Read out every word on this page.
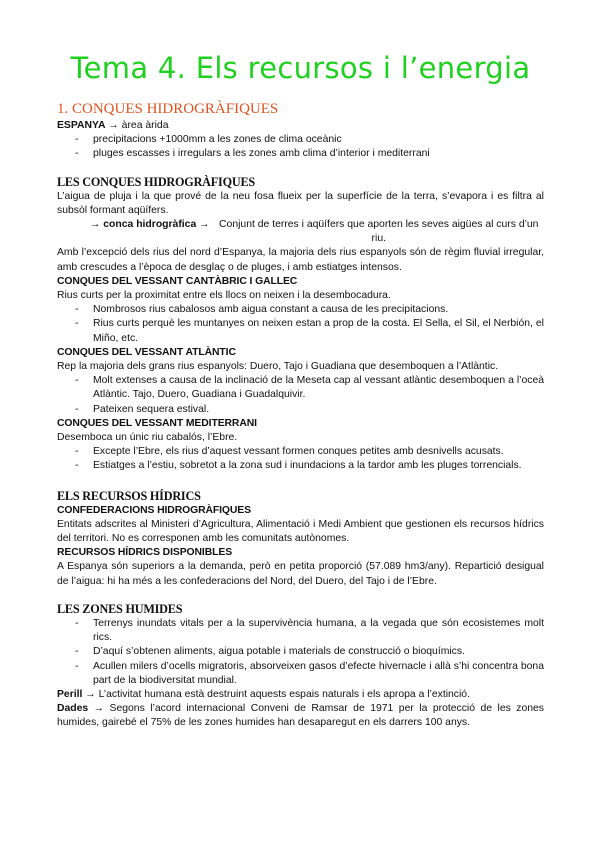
Tema 4. Els recursos i l’energia
1. CONQUES HIDROGRÀFIQUES

ESPANYA → àrea àrida

- precipitacions +1000mm a les zones de clima oceànic
- pluges escasses i irregulars a les zones amb clima d’interior i mediterrani
LES CONQUES HIDROGRÀFIQUES

L’aigua de pluja i la que prové de la neu fosa flueix per la superfície de la terra, s’evapora i es filtra al subsòl formant aqüífers.

→ conca hidrogràfica → Conjunt de terres i aqüífers que aporten les seves aigües al curs d’un riu.

Amb l’excepció dels rius del nord d’Espanya, la majoria dels rius espanyols són de règim fluvial irregular, amb crescudes a l’època de desglaç o de pluges, i amb estiatges intensos.

CONQUES DEL VESSANT CANTÀBRIC I GALLEC

Rius curts per la proximitat entre els llocs on neixen i la desembocadura.

- Nombrosos rius cabalosos amb aigua constant a causa de les precipitacions.
- Rius curts perquè les muntanyes on neixen estan a prop de la costa. El Sella, el Sil, el Nerbión, el Miño, etc.
CONQUES DEL VESSANT ATLÀNTIC

Rep la majoria dels grans rius espanyols: Duero, Tajo i Guadiana que desemboquen a l’Atlàntic.

- Molt extenses a causa de la inclinació de la Meseta cap al vessant atlàntic desemboquen a l’oceà Atlàntic. Tajo, Duero, Guadiana i Guadalquivir.
- Pateixen sequera estival.
CONQUES DEL VESSANT MEDITERRANI

Desemboca un únic riu cabalós, l’Ebre.

- Excepte l’Ebre, els rius d’aquest vessant formen conques petites amb desnivells acusats.
- Estiatges a l’estiu, sobretot a la zona sud i inundacions a la tardor amb les pluges torrencials.
ELS RECURSOS HÍDRICS
CONFEDERACIONS HIDROGRÀFIQUES

Entitats adscrites al Ministeri d’Agricultura, Alimentació i Medi Ambient que gestionen els recursos hídrics del territori. No es corresponen amb les comunitats autònomes.

RECURSOS HÍDRICS DISPONIBLES

A Espanya són superiors a la demanda, però en petita proporció (57.089 hm3/any). Repartició desigual de l’aigua: hi ha més a les confederacions del Nord, del Duero, del Tajo i de l’Ebre.

LES ZONES HUMIDES
- Terrenys inundats vitals per a la supervivència humana, a la vegada que són ecosistemes molt rics.
- D’aquí s’obtenen aliments, aigua potable i materials de construcció o bioquímics.
- Acullen milers d’ocells migratoris, absorveixen gasos d’efecte hivernacle i allà s’hi concentra bona part de la biodiversitat mundial.

Perill → L’activitat humana està destruint aquests espais naturals i els apropa a l’extinció.

Dades → Segons l’acord internacional Conveni de Ramsar de 1971 per la protecció de les zones humides, gairebé el 75% de les zones humides han desaparegut en els darrers 100 anys.
